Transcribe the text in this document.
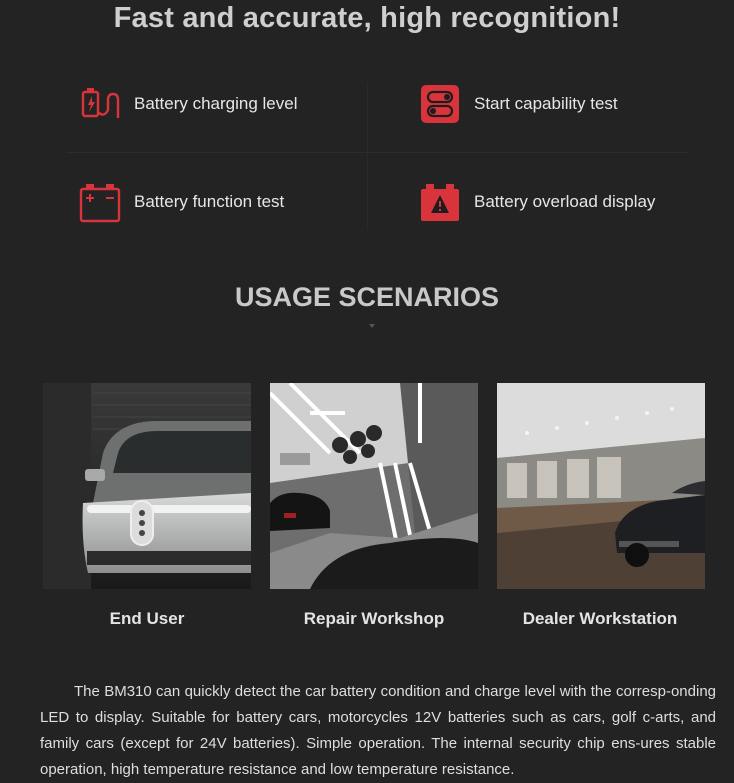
Fast and accurate, high recognition!
Battery charging level	Start capability test
Battery function test	Battery overload display
USAGE SCENARIOS
End User	Repair Workshop	Dealer Workstation
The BM310 can quickly detect the car battery condition and charge level with the corresp-onding LED to display. Suitable for battery cars, motorcycles 12V batteries such as cars, golf c-arts, and family cars (except for 24V batteries). Simple operation. The internal security chip ens-ures stable operation, high temperature resistance and low temperature resistance.
